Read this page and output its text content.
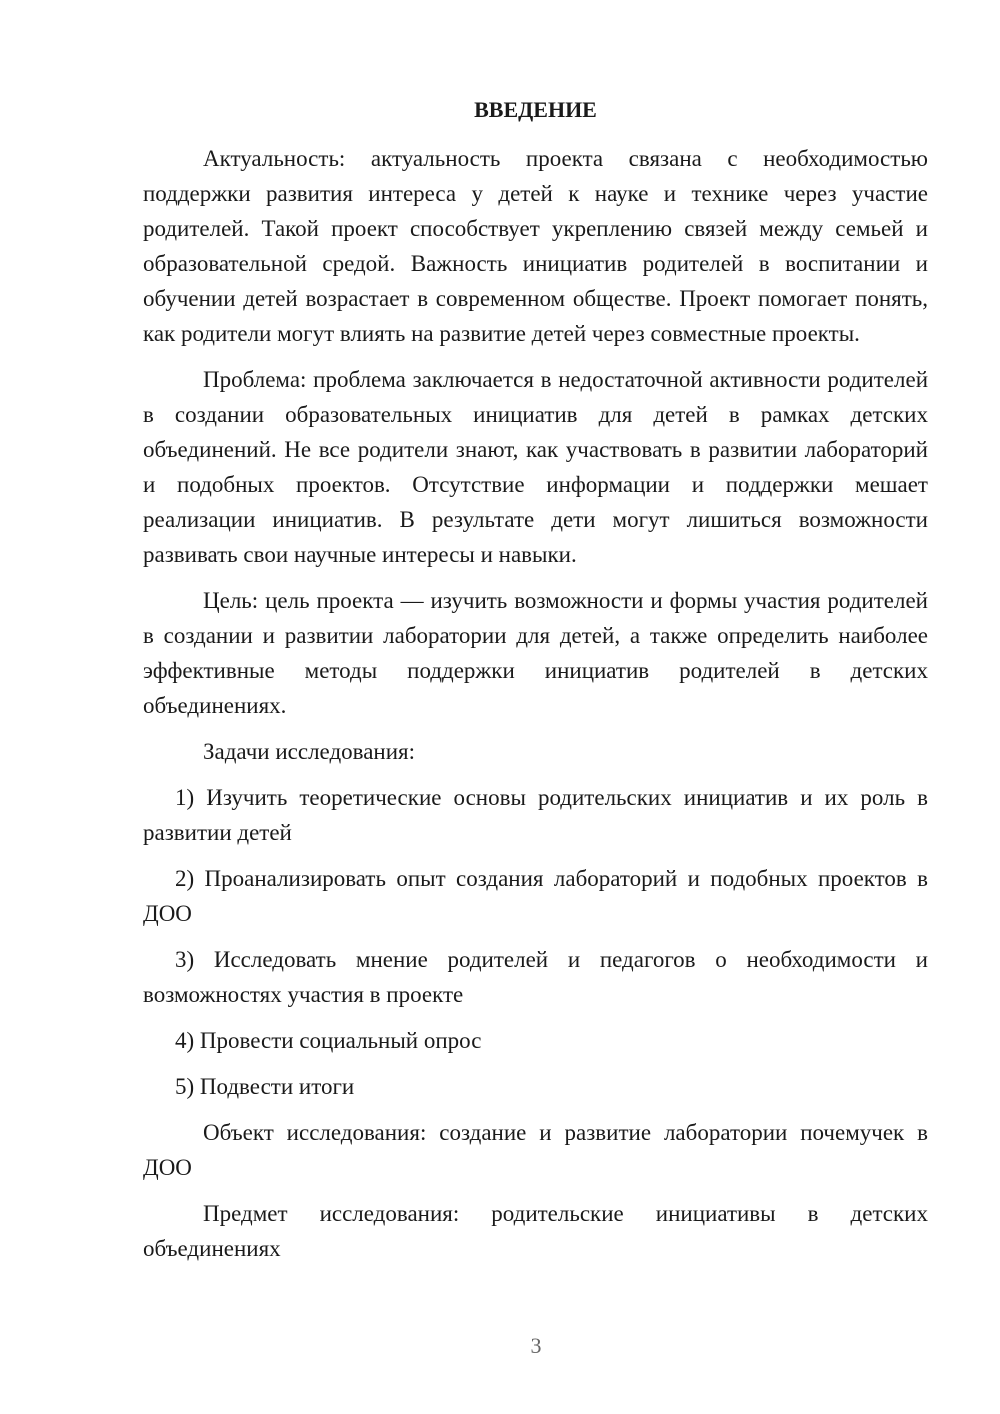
ВВЕДЕНИЕ

Актуальность: актуальность проекта связана с необходимостью поддержки развития интереса у детей к науке и технике через участие родителей. Такой проект способствует укреплению связей между семьей и образовательной средой. Важность инициатив родителей в воспитании и обучении детей возрастает в современном обществе. Проект помогает понять, как родители могут влиять на развитие детей через совместные проекты.

Проблема: проблема заключается в недостаточной активности родителей в создании образовательных инициатив для детей в рамках детских объединений. Не все родители знают, как участвовать в развитии лабораторий и подобных проектов. Отсутствие информации и поддержки мешает реализации инициатив. В результате дети могут лишиться возможности развивать свои научные интересы и навыки.

Цель: цель проекта — изучить возможности и формы участия родителей в создании и развитии лаборатории для детей, а также определить наиболее эффективные методы поддержки инициатив родителей в детских объединениях.

Задачи исследования:

1) Изучить теоретические основы родительских инициатив и их роль в развитии детей

2) Проанализировать опыт создания лабораторий и подобных проектов в ДОО

3) Исследовать мнение родителей и педагогов о необходимости и возможностях участия в проекте

4) Провести социальный опрос

5) Подвести итоги

Объект исследования: создание и развитие лаборатории почемучек в ДОО

Предмет исследования: родительские инициативы в детских объединениях

3
